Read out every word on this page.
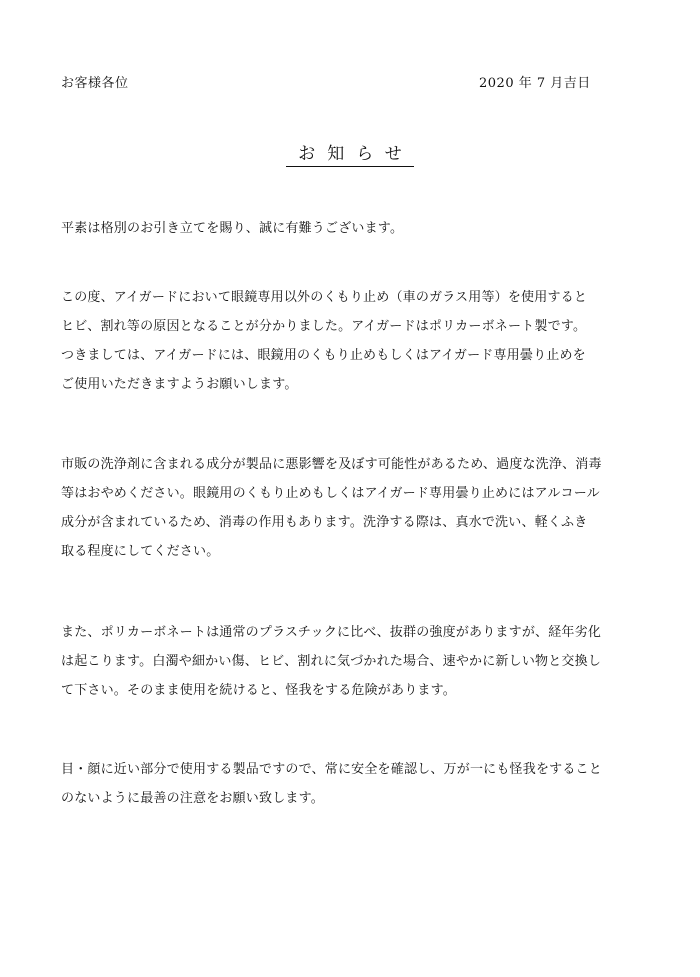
お客様各位	2020 年 7 月吉日
お知らせ
平素は格別のお引き立てを賜り、誠に有難うございます。
この度、アイガードにおいて眼鏡専用以外のくもり止め（車のガラス用等）を使用すると
ヒビ、割れ等の原因となることが分かりました。アイガードはポリカーボネート製です。
つきましては、アイガードには、眼鏡用のくもり止めもしくはアイガード専用曇り止めを
ご使用いただきますようお願いします。
市販の洗浄剤に含まれる成分が製品に悪影響を及ぼす可能性があるため、過度な洗浄、消毒
等はおやめください。眼鏡用のくもり止めもしくはアイガード専用曇り止めにはアルコール
成分が含まれているため、消毒の作用もあります。洗浄する際は、真水で洗い、軽くふき
取る程度にしてください。
また、ポリカーボネートは通常のプラスチックに比べ、抜群の強度がありますが、経年劣化
は起こります。白濁や細かい傷、ヒビ、割れに気づかれた場合、速やかに新しい物と交換し
て下さい。そのまま使用を続けると、怪我をする危険があります。
目・顔に近い部分で使用する製品ですので、常に安全を確認し、万が一にも怪我をすること
のないように最善の注意をお願い致します。
